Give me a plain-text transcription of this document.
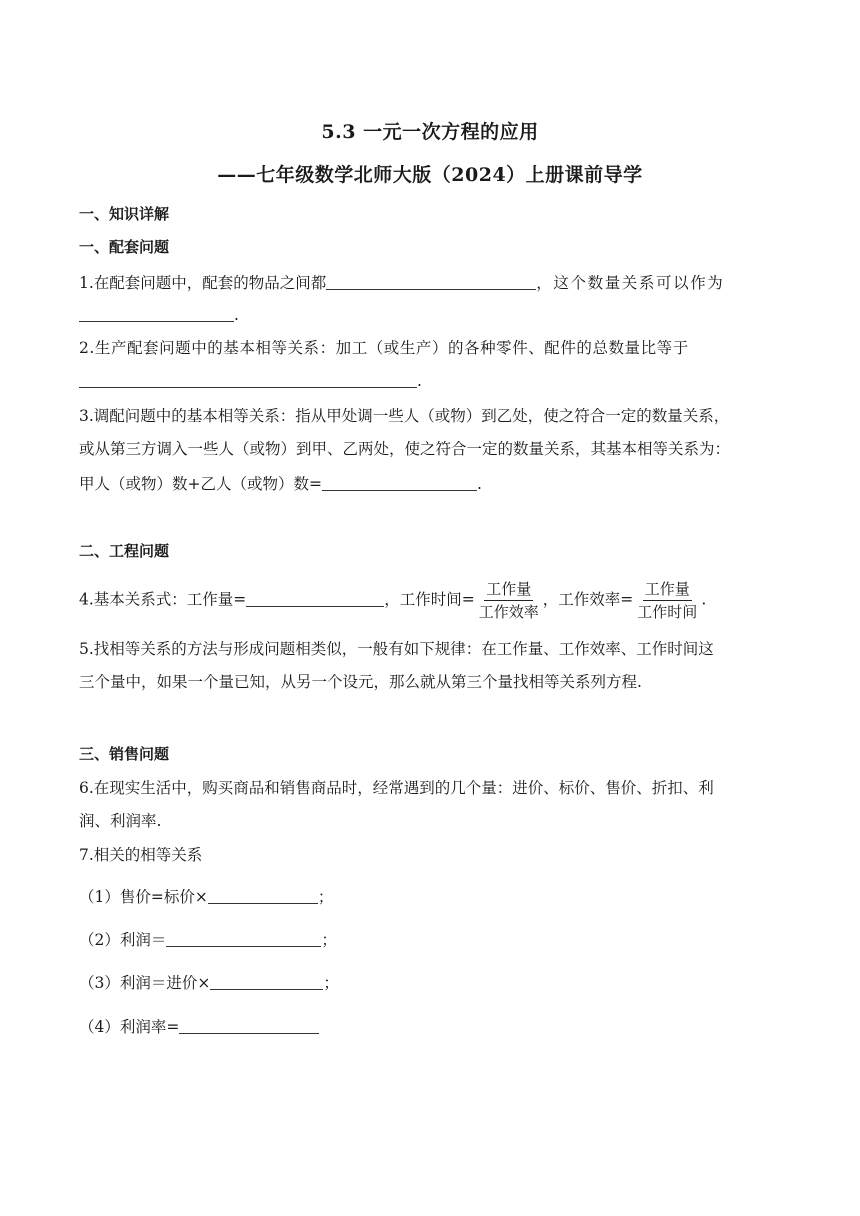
5.3 一元一次方程的应用
——七年级数学北师大版（2024）上册课前导学
一、知识详解
一、配套问题
1.在配套问题中，配套的物品之间都	，这个数量关系可以作为
.
2.生产配套问题中的基本相等关系：加工（或生产）的各种零件、配件的总数量比等于
.
3.调配问题中的基本相等关系：指从甲处调一些人（或物）到乙处，使之符合一定的数量关系，
或从第三方调入一些人（或物）到甲、乙两处，使之符合一定的数量关系，其基本相等关系为：
甲人（或物）数+乙人（或物）数=	.
二、工程问题
4.基本关系式：工作量=	，工作时间= $\frac{\text{工作量}}{\text{工作效率}}$ ，工作效率= $\frac{\text{工作量}}{\text{工作时间}}$ .
5.找相等关系的方法与形成问题相类似，一般有如下规律：在工作量、工作效率、工作时间这
三个量中，如果一个量已知，从另一个设元，那么就从第三个量找相等关系列方程.
三、销售问题
6.在现实生活中，购买商品和销售商品时，经常遇到的几个量：进价、标价、售价、折扣、利
润、利润率.
7.相关的相等关系
（1）售价=标价×	；
（2）利润＝	；
（3）利润＝进价×	；
（4）利润率=
